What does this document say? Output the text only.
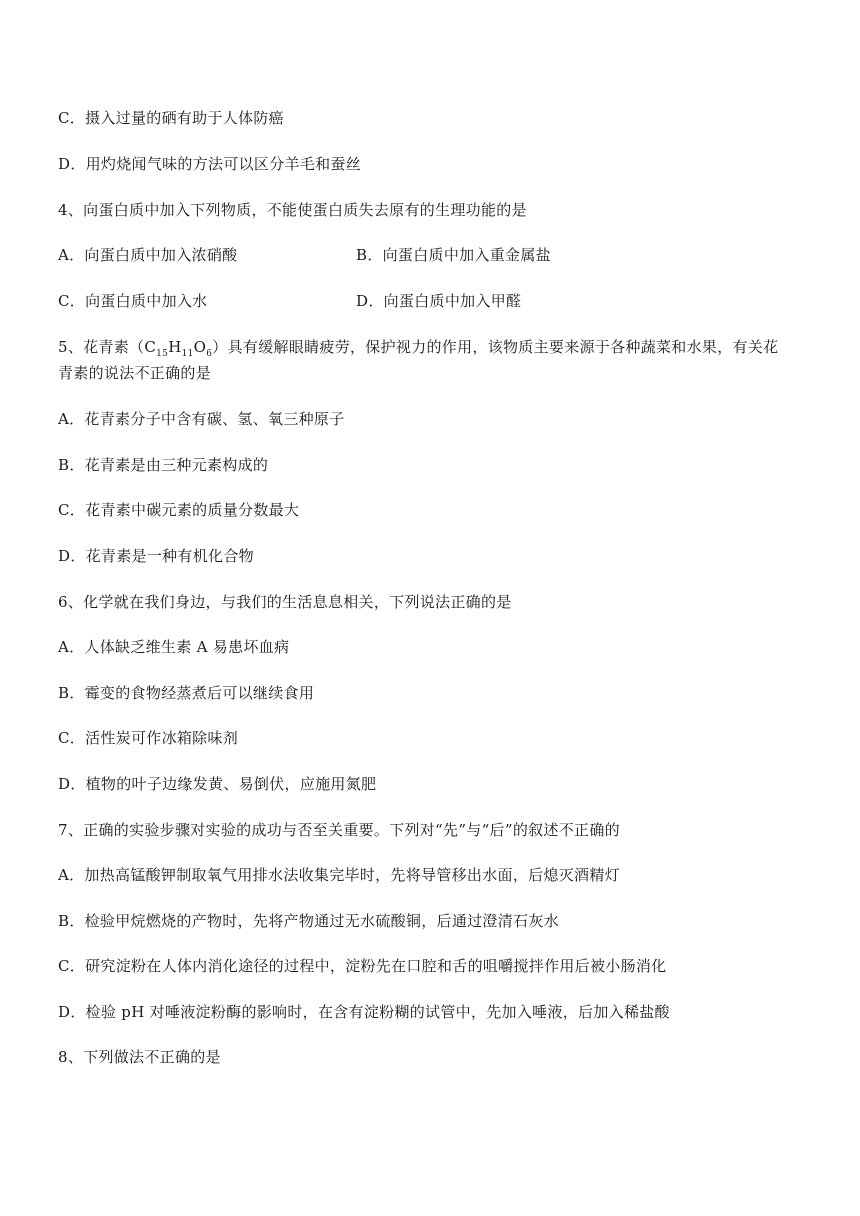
C．摄入过量的硒有助于人体防癌
D．用灼烧闻气味的方法可以区分羊毛和蚕丝
4、向蛋白质中加入下列物质，不能使蛋白质失去原有的生理功能的是
A．向蛋白质中加入浓硝酸	B．向蛋白质中加入重金属盐
C．向蛋白质中加入水	D．向蛋白质中加入甲醛
5、花青素$(C_{15}H_{11}O_6)$具有缓解眼睛疲劳，保护视力的作用，该物质主要来源于各种蔬菜和水果，有关花
青素的说法不正确的是
A．花青素分子中含有碳、氢、氧三种原子
B．花青素是由三种元素构成的
C．花青素中碳元素的质量分数最大
D．花青素是一种有机化合物
6、化学就在我们身边，与我们的生活息息相关，下列说法正确的是
A．人体缺乏维生素 A 易患坏血病
B．霉变的食物经蒸煮后可以继续食用
C．活性炭可作冰箱除味剂
D．植物的叶子边缘发黄、易倒伏，应施用氮肥
7、正确的实验步骤对实验的成功与否至关重要。下列对“先”与“后”的叙述不正确的
A．加热高锰酸钾制取氧气用排水法收集完毕时，先将导管移出水面，后熄灭酒精灯
B．检验甲烷燃烧的产物时，先将产物通过无水硫酸铜，后通过澄清石灰水
C．研究淀粉在人体内消化途径的过程中，淀粉先在口腔和舌的咀嚼搅拌作用后被小肠消化
D．检验 pH 对唾液淀粉酶的影响时，在含有淀粉糊的试管中，先加入唾液，后加入稀盐酸
8、下列做法不正确的是
